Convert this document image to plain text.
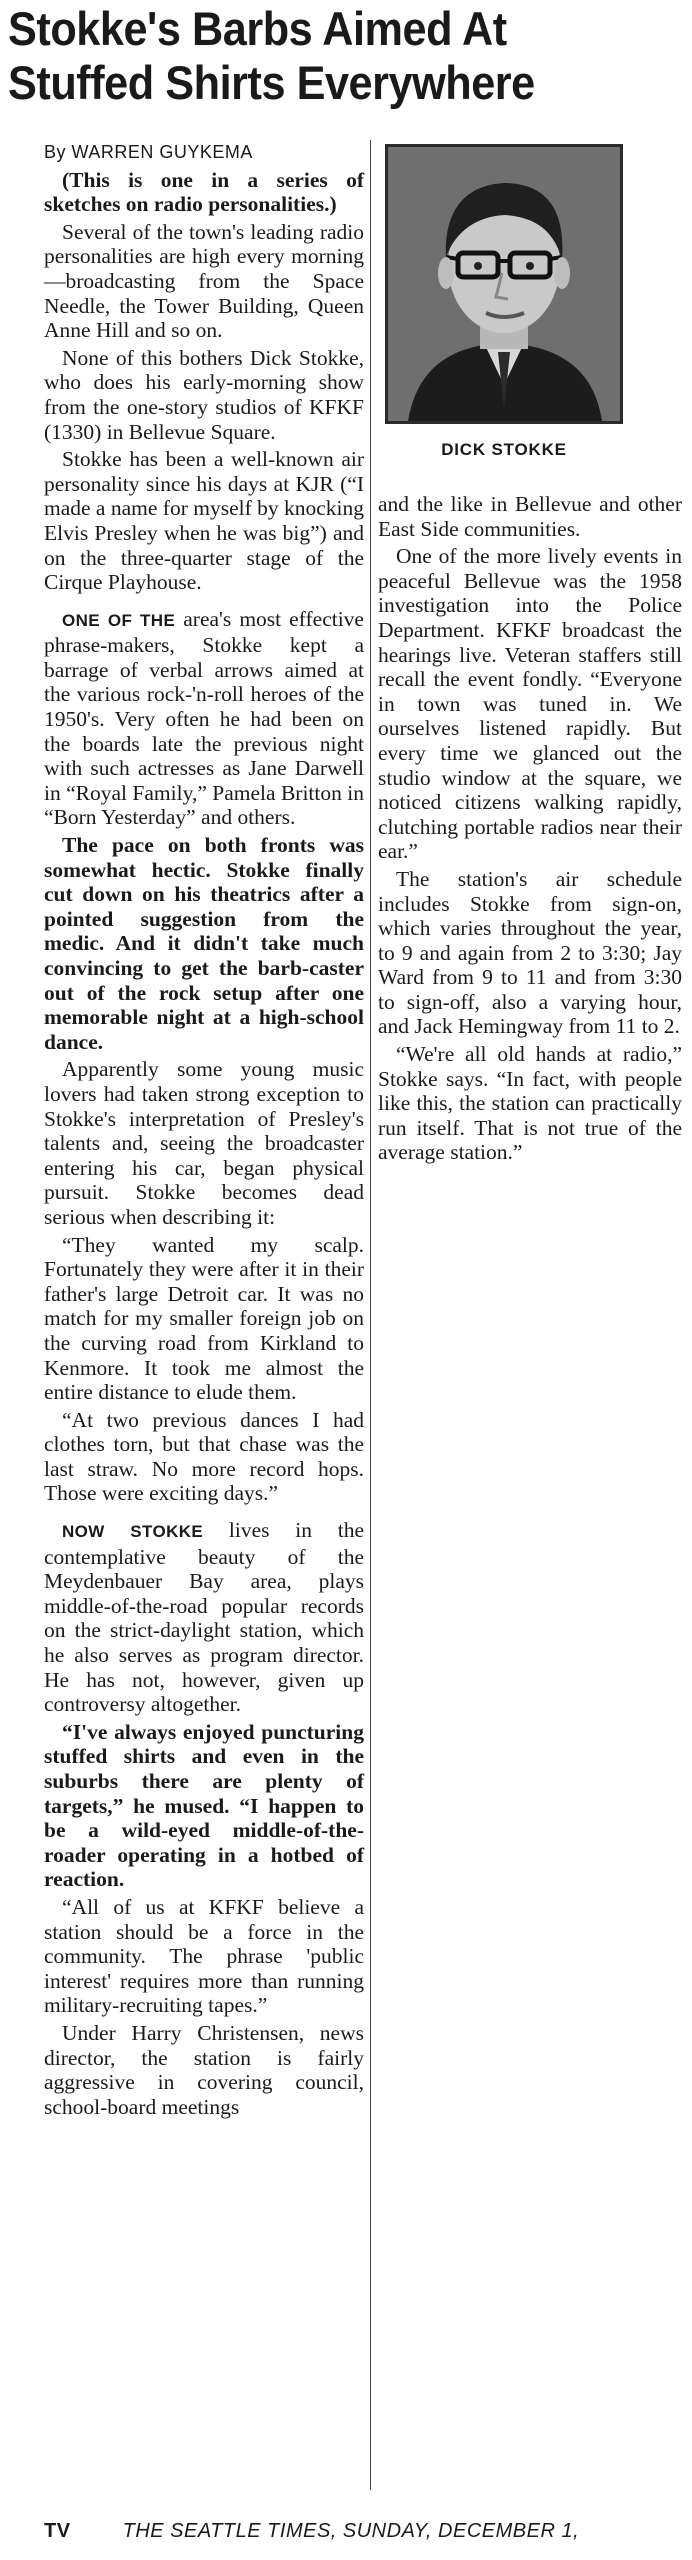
Stokke's Barbs Aimed At
Stuffed Shirts Everywhere

By WARREN GUYKEMA

(This is one in a series of sketches on radio personalities.)

Several of the town's leading radio personalities are high every morning—broadcasting from the Space Needle, the Tower Building, Queen Anne Hill and so on.

None of this bothers Dick Stokke, who does his early-morning show from the one-story studios of KFKF (1330) in Bellevue Square.

Stokke has been a well-known air personality since his days at KJR (“I made a name for myself by knocking Elvis Presley when he was big”) and on the three-quarter stage of the Cirque Playhouse.

ONE OF THE area's most effective phrase-makers, Stokke kept a barrage of verbal arrows aimed at the various rock-'n-roll heroes of the 1950's. Very often he had been on the boards late the previous night with such actresses as Jane Darwell in “Royal Family,” Pamela Britton in “Born Yesterday” and others.

The pace on both fronts was somewhat hectic. Stokke finally cut down on his theatrics after a pointed suggestion from the medic. And it didn't take much convincing to get the barb-caster out of the rock setup after one memorable night at a high-school dance.

Apparently some young music lovers had taken strong exception to Stokke's interpretation of Presley's talents and, seeing the broadcaster entering his car, began physical pursuit. Stokke becomes dead serious when describing it:

“They wanted my scalp. Fortunately they were after it in their father's large Detroit car. It was no match for my smaller foreign job on the curving road from Kirkland to Kenmore. It took me almost the entire distance to elude them.

“At two previous dances I had clothes torn, but that chase was the last straw. No more record hops. Those were exciting days.”

NOW STOKKE lives in the contemplative beauty of the Meydenbauer Bay area, plays middle-of-the-road popular records on the strict-daylight station, which he also serves as program director. He has not, however, given up controversy altogether.

“I've always enjoyed puncturing stuffed shirts and even in the suburbs there are plenty of targets,” he mused. “I happen to be a wild-eyed middle-of-the-roader operating in a hotbed of reaction.

“All of us at KFKF believe a station should be a force in the community. The phrase 'public interest' requires more than running military-recruiting tapes.”

Under Harry Christensen, news director, the station is fairly aggressive in covering council, school-board meetings

DICK STOKKE

and the like in Bellevue and other East Side communities.

One of the more lively events in peaceful Bellevue was the 1958 investigation into the Police Department. KFKF broadcast the hearings live. Veteran staffers still recall the event fondly. “Everyone in town was tuned in. We ourselves listened rapidly. But every time we glanced out the studio window at the square, we noticed citizens walking rapidly, clutching portable radios near their ear.”

The station's air schedule includes Stokke from sign-on, which varies throughout the year, to 9 and again from 2 to 3:30; Jay Ward from 9 to 11 and from 3:30 to sign-off, also a varying hour, and Jack Hemingway from 11 to 2.

“We're all old hands at radio,” Stokke says. “In fact, with people like this, the station can practically run itself. That is not true of the average station.”

TV	THE SEATTLE TIMES, SUNDAY, DECEMBER 1,
